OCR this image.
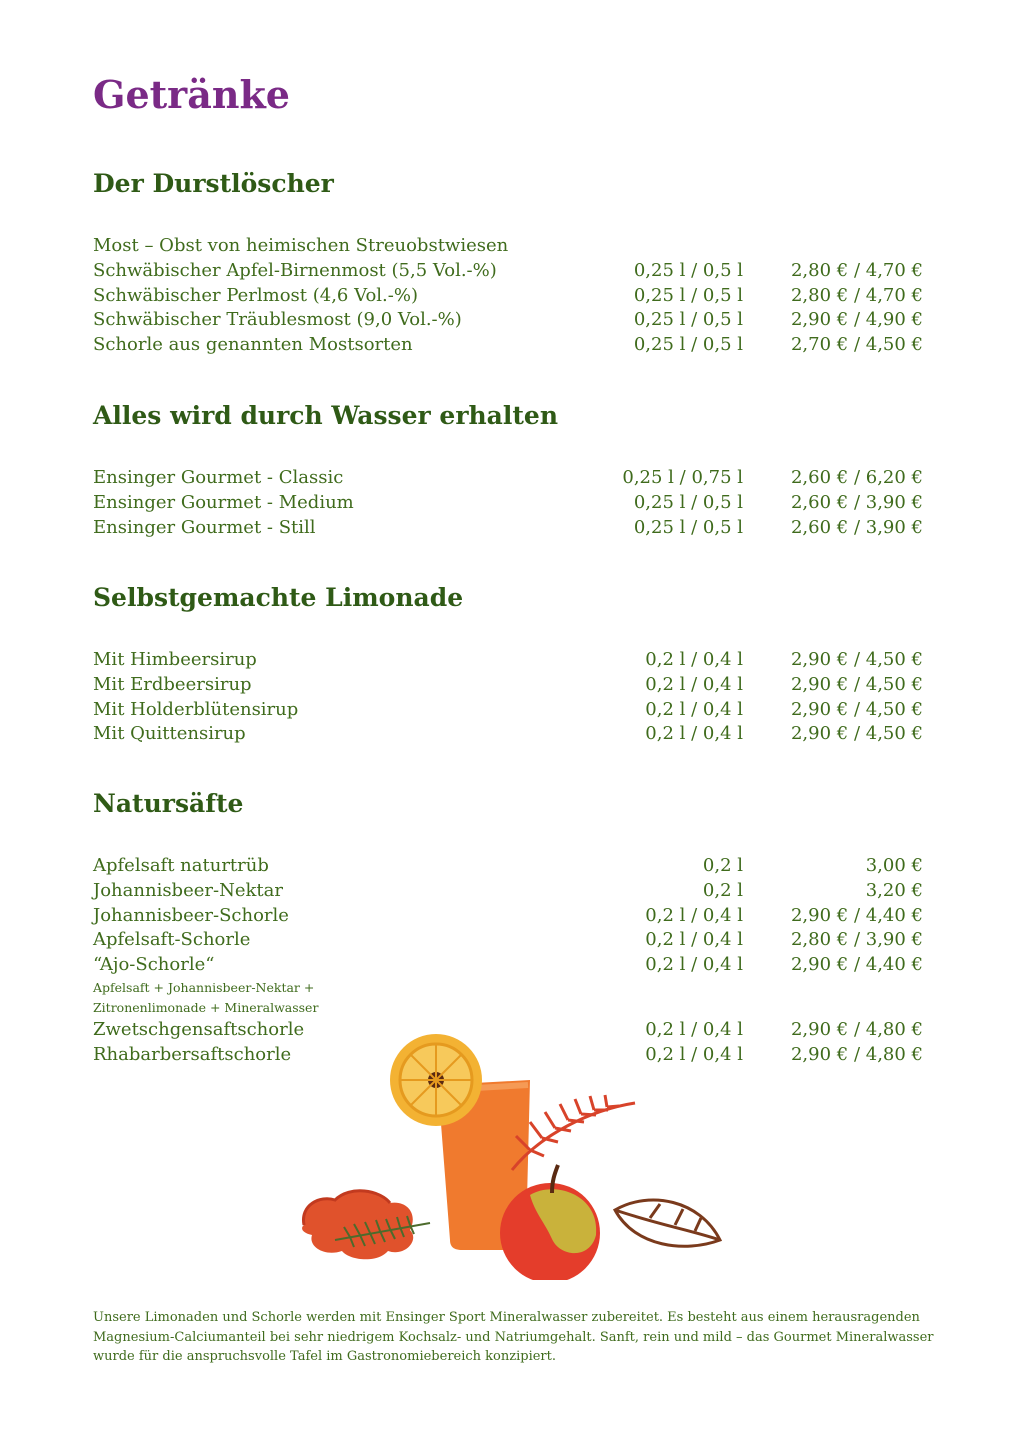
Getränke
Der Durstlöscher
Most – Obst von heimischen Streuobstwiesen
Schwäbischer Apfel-Birnenmost (5,5 Vol.-%)	0,25 l / 0,5 l	2,80 € / 4,70 €
Schwäbischer Perlmost (4,6 Vol.-%)	0,25 l / 0,5 l	2,80 € / 4,70 €
Schwäbischer Träublesmost (9,0 Vol.-%)	0,25 l / 0,5 l	2,90 € / 4,90 €
Schorle aus genannten Mostsorten	0,25 l / 0,5 l	2,70 € / 4,50 €
Alles wird durch Wasser erhalten
Ensinger Gourmet - Classic	0,25 l / 0,75 l	2,60 € / 6,20 €
Ensinger Gourmet - Medium	0,25 l / 0,5 l	2,60 € / 3,90 €
Ensinger Gourmet - Still	0,25 l / 0,5 l	2,60 € / 3,90 €
Selbstgemachte Limonade
Mit Himbeersirup	0,2 l / 0,4 l	2,90 € / 4,50 €
Mit Erdbeersirup	0,2 l / 0,4 l	2,90 € / 4,50 €
Mit Holderblütensirup	0,2 l / 0,4 l	2,90 € / 4,50 €
Mit Quittensirup	0,2 l / 0,4 l	2,90 € / 4,50 €
Natursäfte
Apfelsaft naturtrüb	0,2 l	3,00 €
Johannisbeer-Nektar	0,2 l	3,20 €
Johannisbeer-Schorle	0,2 l / 0,4 l	2,90 € / 4,40 €
Apfelsaft-Schorle	0,2 l / 0,4 l	2,80 € / 3,90 €
“Ajo-Schorle“	0,2 l / 0,4 l	2,90 € / 4,40 €
Apfelsaft + Johannisbeer-Nektar + Zitronenlimonade + Mineralwasser
Zwetschgensaftschorle	0,2 l / 0,4 l	2,90 € / 4,80 €
Rhabarbersaftschorle	0,2 l / 0,4 l	2,90 € / 4,80 €
Unsere Limonaden und Schorle werden mit Ensinger Sport Mineralwasser zubereitet. Es besteht aus einem herausragenden Magnesium-Calciumanteil bei sehr niedrigem Kochsalz- und Natriumgehalt. Sanft, rein und mild – das Gourmet Mineralwasser wurde für die anspruchsvolle Tafel im Gastronomiebereich konzipiert.
